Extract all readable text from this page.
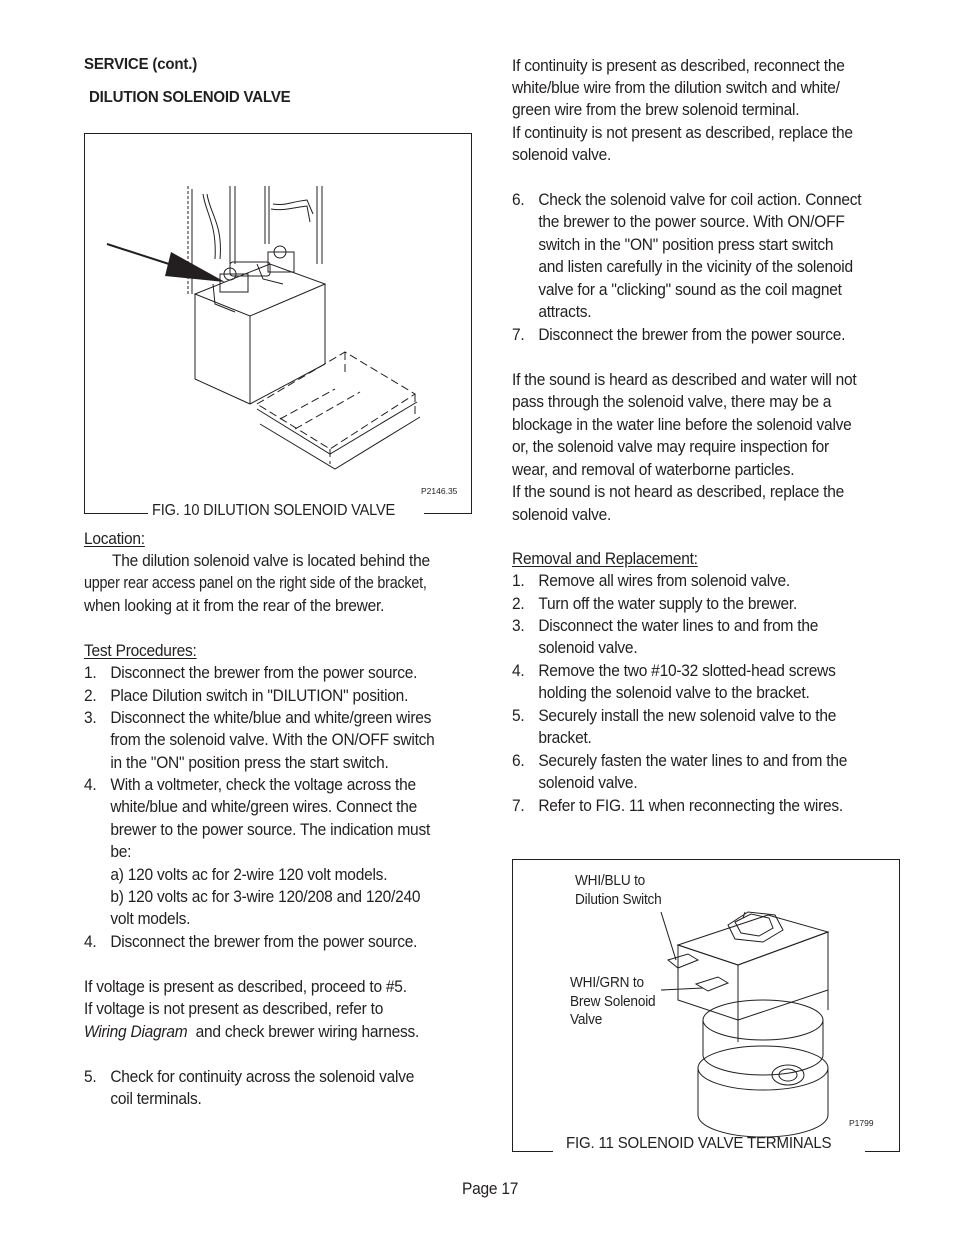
SERVICE (cont.)
DILUTION SOLENOID VALVE
P2146.35
FIG. 10 DILUTION SOLENOID VALVE
Location:
The dilution solenoid valve is located behind the
upper rear access panel on the right side of the bracket,
when looking at it from the rear of the brewer.
Test Procedures:
1. Disconnect the brewer from the power source.
2. Place Dilution switch in "DILUTION" position.
3. Disconnect the white/blue and white/green wires
from the solenoid valve. With the ON/OFF switch
in the "ON" position press the start switch.
4. With a voltmeter, check the voltage across the
white/blue and white/green wires. Connect the
brewer to the power source. The indication must
be:
a) 120 volts ac for 2-wire 120 volt models.
b) 120 volts ac for 3-wire 120/208 and 120/240
volt models.
4. Disconnect the brewer from the power source.
If voltage is present as described, proceed to #5.
If voltage is not present as described, refer to
Wiring Diagram and check brewer wiring harness.
5. Check for continuity across the solenoid valve
coil terminals.
If continuity is present as described, reconnect the
white/blue wire from the dilution switch and white/
green wire from the brew solenoid terminal.
If continuity is not present as described, replace the
solenoid valve.
6. Check the solenoid valve for coil action. Connect
the brewer to the power source. With ON/OFF
switch in the "ON" position press start switch
and listen carefully in the vicinity of the solenoid
valve for a "clicking" sound as the coil magnet
attracts.
7. Disconnect the brewer from the power source.
If the sound is heard as described and water will not
pass through the solenoid valve, there may be a
blockage in the water line before the solenoid valve
or, the solenoid valve may require inspection for
wear, and removal of waterborne particles.
If the sound is not heard as described, replace the
solenoid valve.
Removal and Replacement:
1. Remove all wires from solenoid valve.
2. Turn off the water supply to the brewer.
3. Disconnect the water lines to and from the
solenoid valve.
4. Remove the two #10-32 slotted-head screws
holding the solenoid valve to the bracket.
5. Securely install the new solenoid valve to the
bracket.
6. Securely fasten the water lines to and from the
solenoid valve.
7. Refer to FIG. 11 when reconnecting the wires.
P1799
WHI/BLU to
Dilution Switch
WHI/GRN to
Brew Solenoid
Valve
FIG. 11 SOLENOID VALVE TERMINALS
Page 17
